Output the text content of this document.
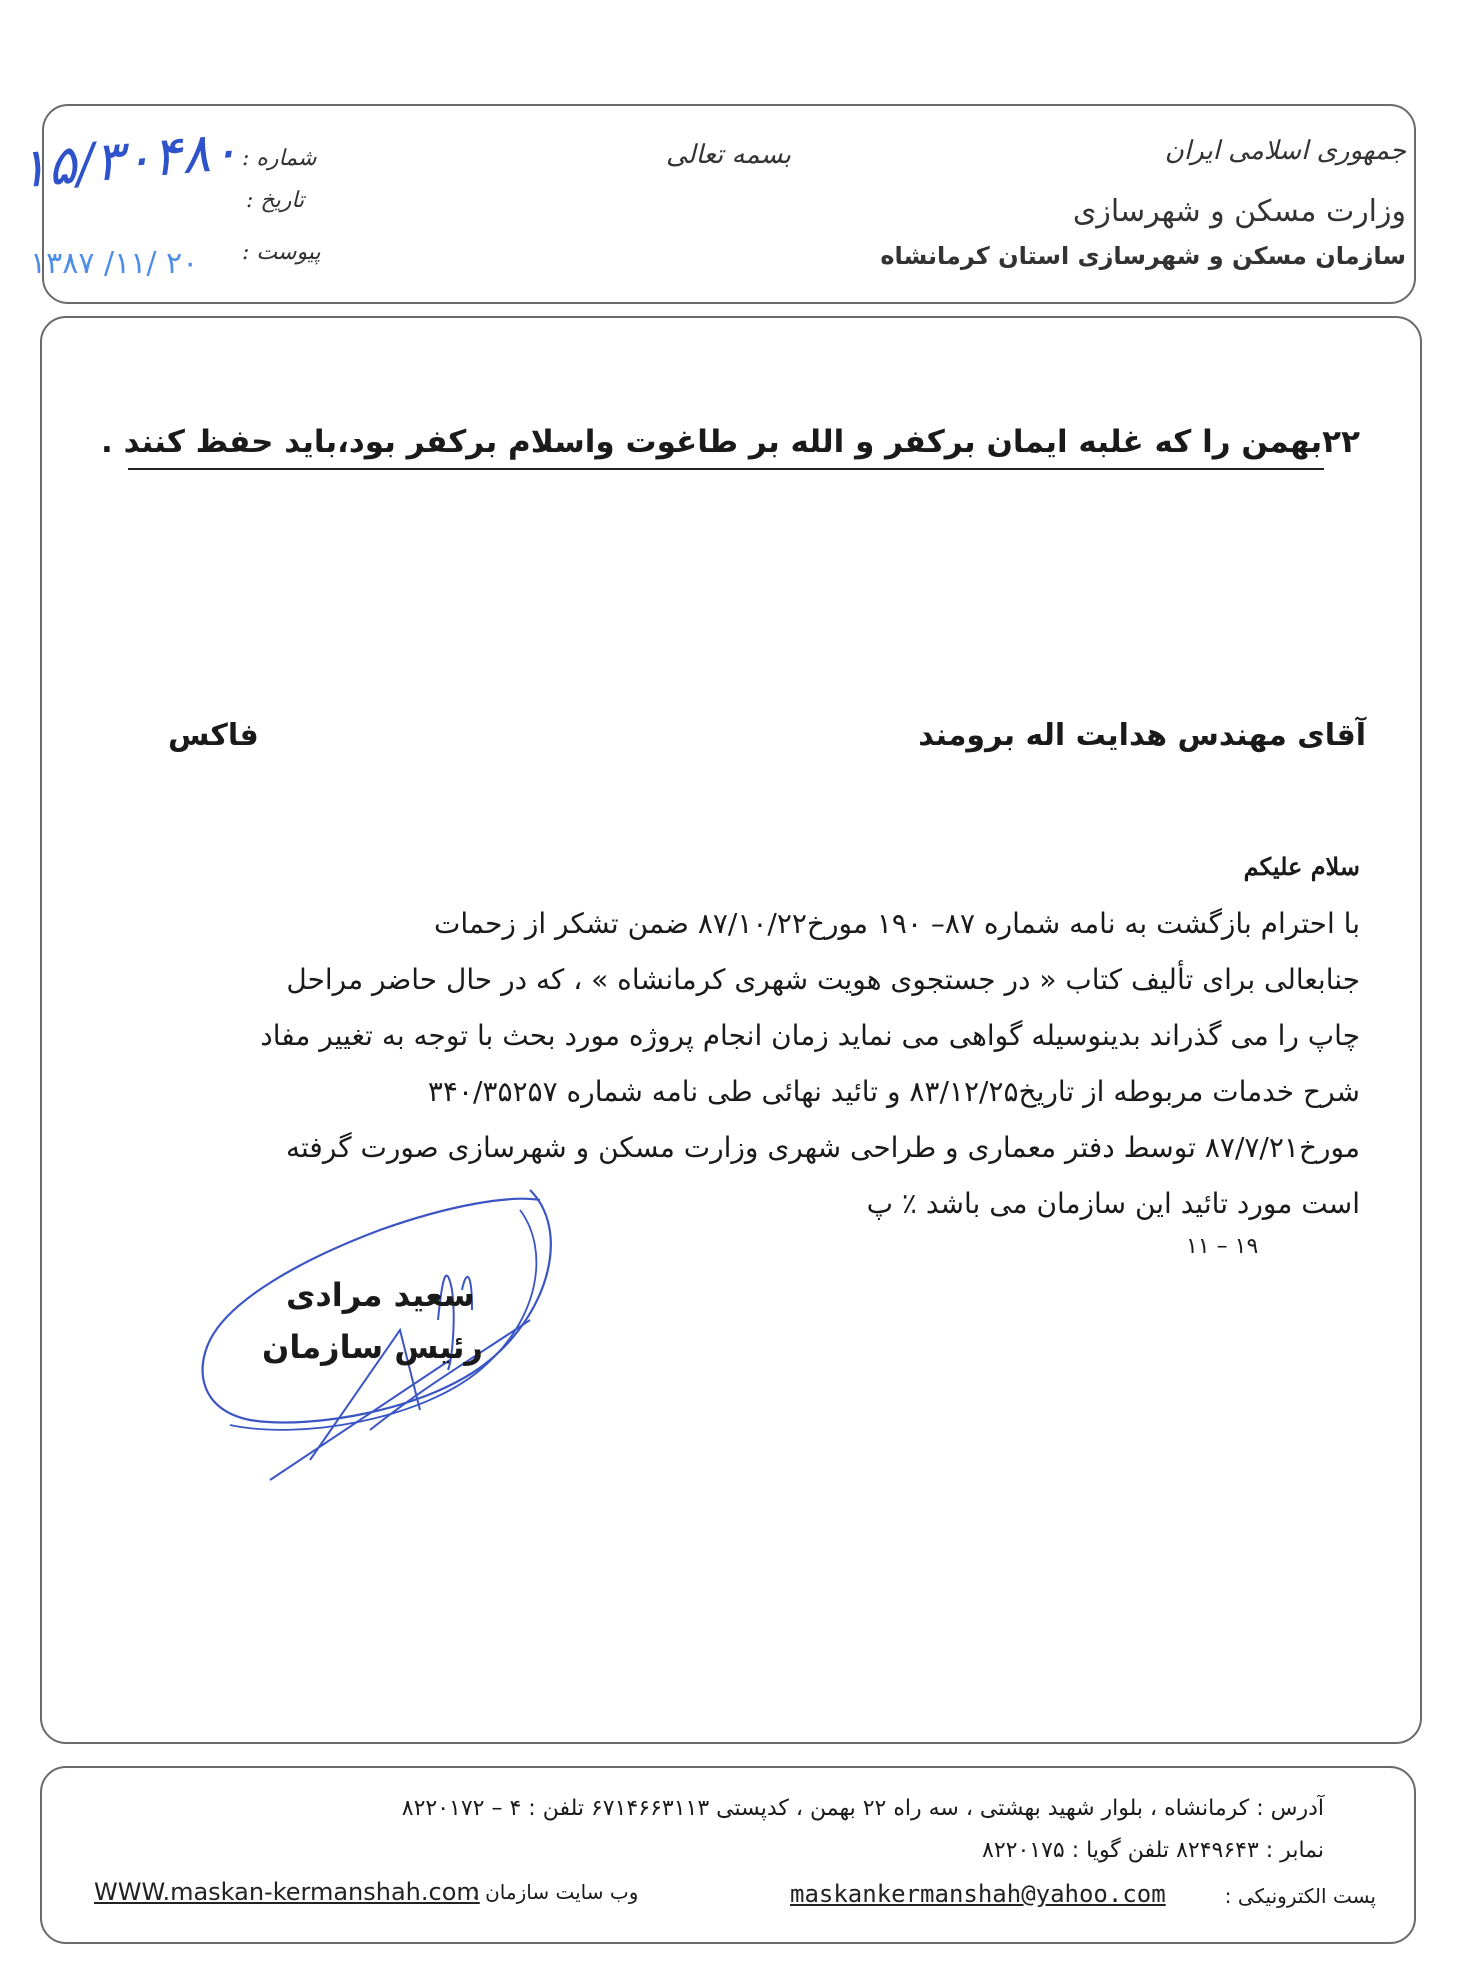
جمهوری اسلامی ایران
وزارت مسکن و شهرسازی
سازمان مسکن و شهرسازی استان کرمانشاه
بسمه تعالی
شماره :
تاریخ :
پیوست :
۱۵/۳۰۴۸۰
۱۳۸۷ /۱۱/ ۲۰
۲۲بهمن را که غلبه ایمان برکفر و الله بر طاغوت واسلام برکفر بود،باید حفظ کنند .
آقای مهندس هدایت اله برومند
فاکس
سلام علیکم
با احترام بازگشت به نامه شماره ۸۷– ۱۹۰ مورخ۸۷/۱۰/۲۲ ضمن تشکر از زحمات
جنابعالی برای تألیف کتاب « در جستجوی هویت شهری کرمانشاه » ، که در حال حاضر مراحل
چاپ را می گذراند بدینوسیله گواهی می نماید زمان انجام پروژه مورد بحث با توجه به تغییر مفاد
شرح خدمات مربوطه از تاریخ۸۳/۱۲/۲۵ و تائید نهائی طی نامه شماره ۳۴۰/۳۵۲۵۷
مورخ۸۷/۷/۲۱ توسط دفتر معماری و طراحی شهری وزارت مسکن و شهرسازی صورت گرفته
است مورد تائید این سازمان می باشد ٪ پ
۱۹ – ۱۱
سعید مرادی
رئیس سازمان
آدرس : کرمانشاه ، بلوار شهید بهشتی ، سه راه ۲۲ بهمن ، کدپستی ۶۷۱۴۶۶۳۱۱۳ تلفن : ۴ – ۸۲۲۰۱۷۲
نمابر : ۸۲۴۹۶۴۳ تلفن گویا : ۸۲۲۰۱۷۵
پست الکترونیکی :
maskankermanshah@yahoo.com
وب سایت سازمان :
WWW.maskan-kermanshah.com
